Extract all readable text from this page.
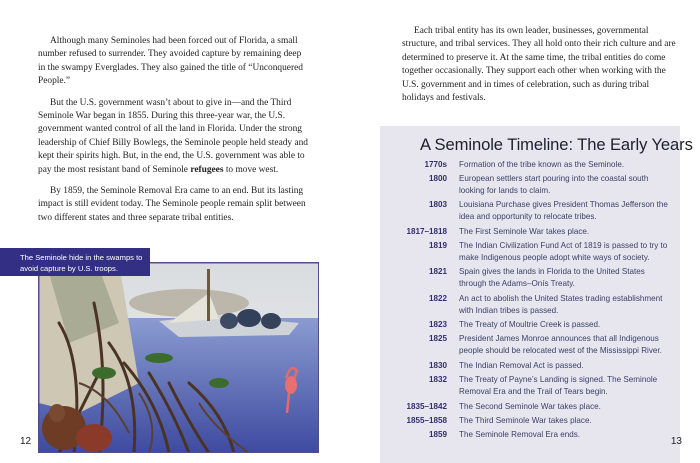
Although many Seminoles had been forced out of Florida, a small number refused to surrender. They avoided capture by remaining deep in the swampy Everglades. They also gained the title of “Unconquered People.”

But the U.S. government wasn’t about to give in—and the Third Seminole War began in 1855. During this three-year war, the U.S. government wanted control of all the land in Florida. Under the strong leadership of Chief Billy Bowlegs, the Seminole people held steady and kept their spirits high. But, in the end, the U.S. government was able to pay the most resistant band of Seminole refugees to move west.

By 1859, the Seminole Removal Era came to an end. But its lasting impact is still evident today. The Seminole people remain split between two different states and three separate tribal entities.

The Seminole hide in the swamps to avoid capture by U.S. troops.
12

Each tribal entity has its own leader, businesses, governmental structure, and tribal services. They all hold onto their rich culture and are determined to preserve it. At the same time, the tribal entities do come together occasionally. They support each other when working with the U.S. government and in times of celebration, such as during tribal holidays and festivals.

A Seminole Timeline: The Early Years
1770s Formation of the tribe known as the Seminole.
1800 European settlers start pouring into the coastal south looking for lands to claim.
1803 Louisiana Purchase gives President Thomas Jefferson the idea and opportunity to relocate tribes.
1817–1818 The First Seminole War takes place.
1819 The Indian Civilization Fund Act of 1819 is passed to try to make Indigenous people adopt white ways of society.
1821 Spain gives the lands in Florida to the United States through the Adams–Onís Treaty.
1822 An act to abolish the United States trading establishment with Indian tribes is passed.
1823 The Treaty of Moultrie Creek is passed.
1825 President James Monroe announces that all Indigenous people should be relocated west of the Mississippi River.
1830 The Indian Removal Act is passed.
1832 The Treaty of Payne’s Landing is signed. The Seminole Removal Era and the Trail of Tears begin.
1835–1842 The Second Seminole War takes place.
1855–1858 The Third Seminole War takes place.
1859 The Seminole Removal Era ends.
13
